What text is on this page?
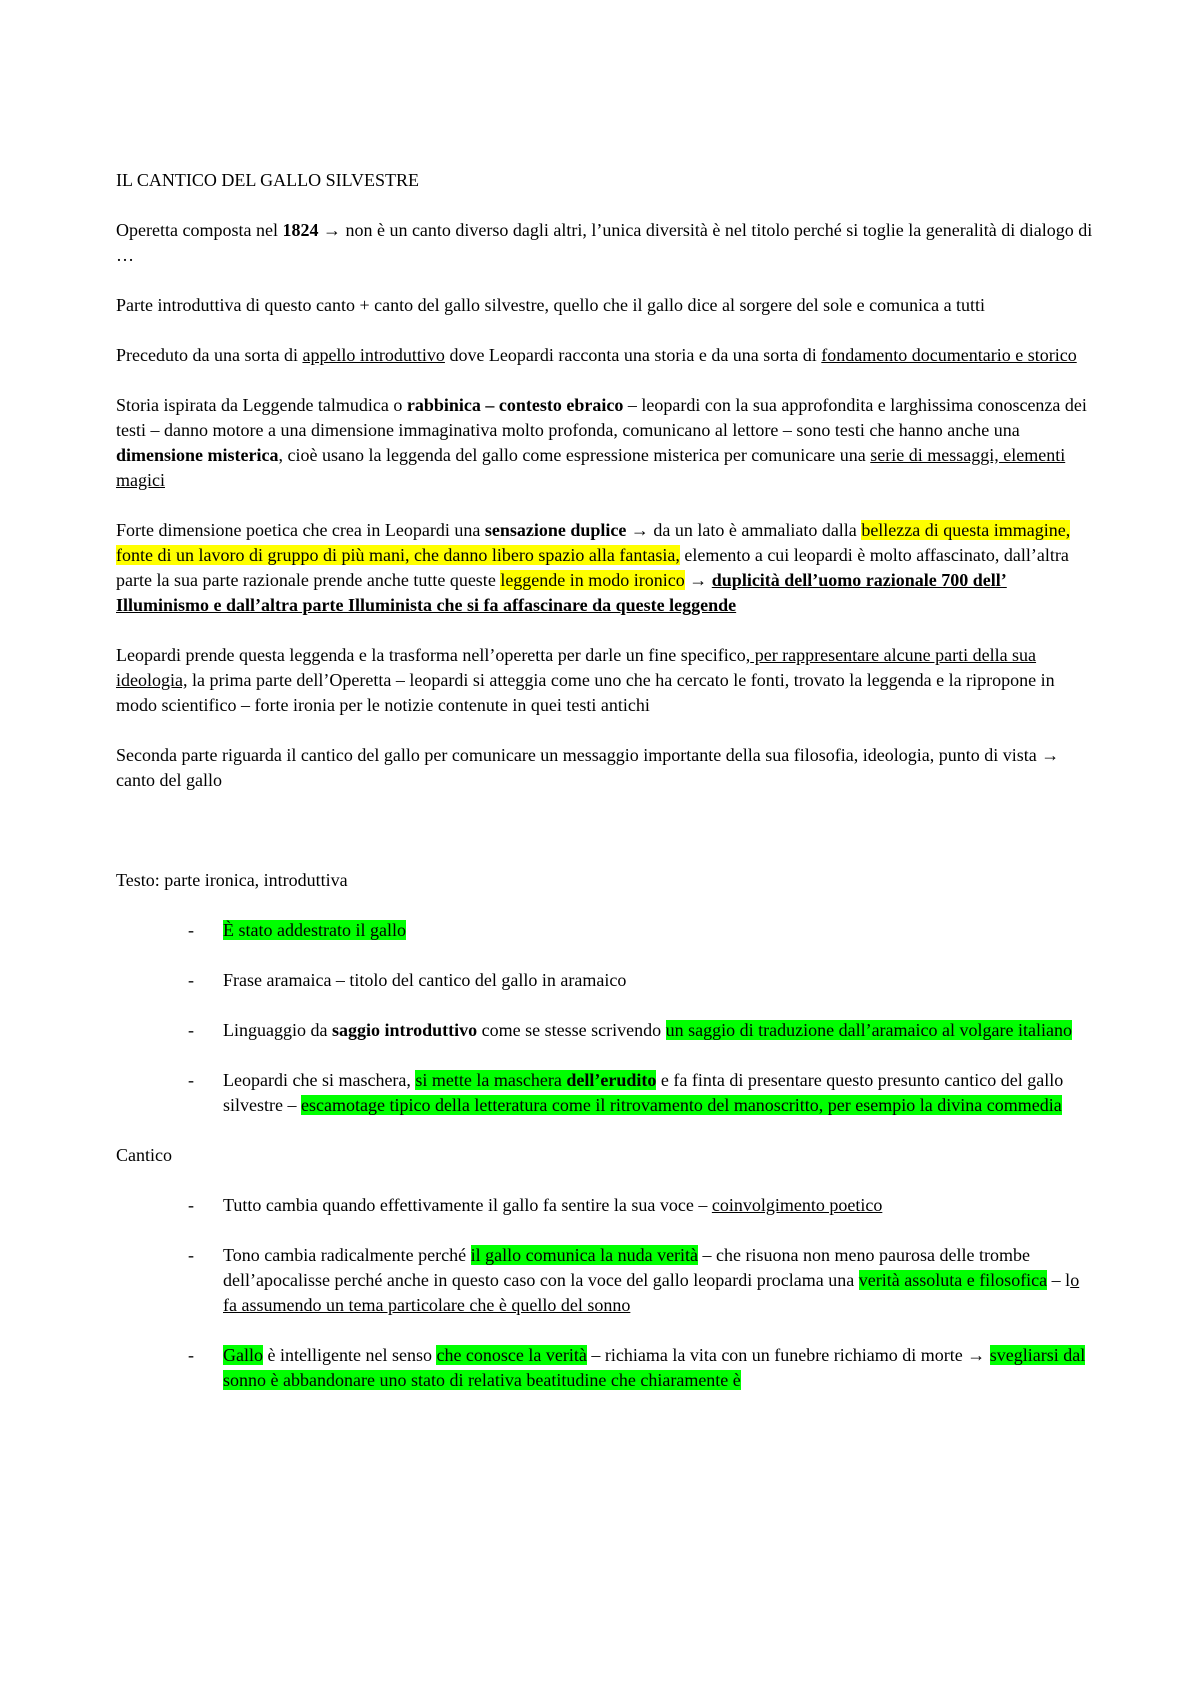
IL CANTICO DEL GALLO SILVESTRE

Operetta composta nel 1824 → non è un canto diverso dagli altri, l’unica diversità è nel titolo perché si toglie la generalità di dialogo di …

Parte introduttiva di questo canto + canto del gallo silvestre, quello che il gallo dice al sorgere del sole e comunica a tutti

Preceduto da una sorta di appello introduttivo dove Leopardi racconta una storia e da una sorta di fondamento documentario e storico

Storia ispirata da Leggende talmudica o rabbinica – contesto ebraico – leopardi con la sua approfondita e larghissima conoscenza dei testi – danno motore a una dimensione immaginativa molto profonda, comunicano al lettore – sono testi che hanno anche una dimensione misterica, cioè usano la leggenda del gallo come espressione misterica per comunicare una serie di messaggi, elementi magici

Forte dimensione poetica che crea in Leopardi una sensazione duplice → da un lato è ammaliato dalla bellezza di questa immagine, fonte di un lavoro di gruppo di più mani, che danno libero spazio alla fantasia, elemento a cui leopardi è molto affascinato, dall’altra parte la sua parte razionale prende anche tutte queste leggende in modo ironico → duplicità dell’uomo razionale 700 dell’ Illuminismo e dall’altra parte Illuminista che si fa affascinare da queste leggende

Leopardi prende questa leggenda e la trasforma nell’operetta per darle un fine specifico, per rappresentare alcune parti della sua ideologia, la prima parte dell’Operetta – leopardi si atteggia come uno che ha cercato le fonti, trovato la leggenda e la ripropone in modo scientifico – forte ironia per le notizie contenute in quei testi antichi

Seconda parte riguarda il cantico del gallo per comunicare un messaggio importante della sua filosofia, ideologia, punto di vista → canto del gallo

Testo: parte ironica, introduttiva

- È stato addestrato il gallo
- Frase aramaica – titolo del cantico del gallo in aramaico
- Linguaggio da saggio introduttivo come se stesse scrivendo un saggio di traduzione dall’aramaico al volgare italiano
- Leopardi che si maschera, si mette la maschera dell’erudito e fa finta di presentare questo presunto cantico del gallo silvestre – escamotage tipico della letteratura come il ritrovamento del manoscritto, per esempio la divina commedia

Cantico

- Tutto cambia quando effettivamente il gallo fa sentire la sua voce – coinvolgimento poetico
- Tono cambia radicalmente perché il gallo comunica la nuda verità – che risuona non meno paurosa delle trombe dell’apocalisse perché anche in questo caso con la voce del gallo leopardi proclama una verità assoluta e filosofica – lo fa assumendo un tema particolare che è quello del sonno
- Gallo è intelligente nel senso che conosce la verità – richiama la vita con un funebre richiamo di morte → svegliarsi dal sonno è abbandonare uno stato di relativa beatitudine che chiaramente è
